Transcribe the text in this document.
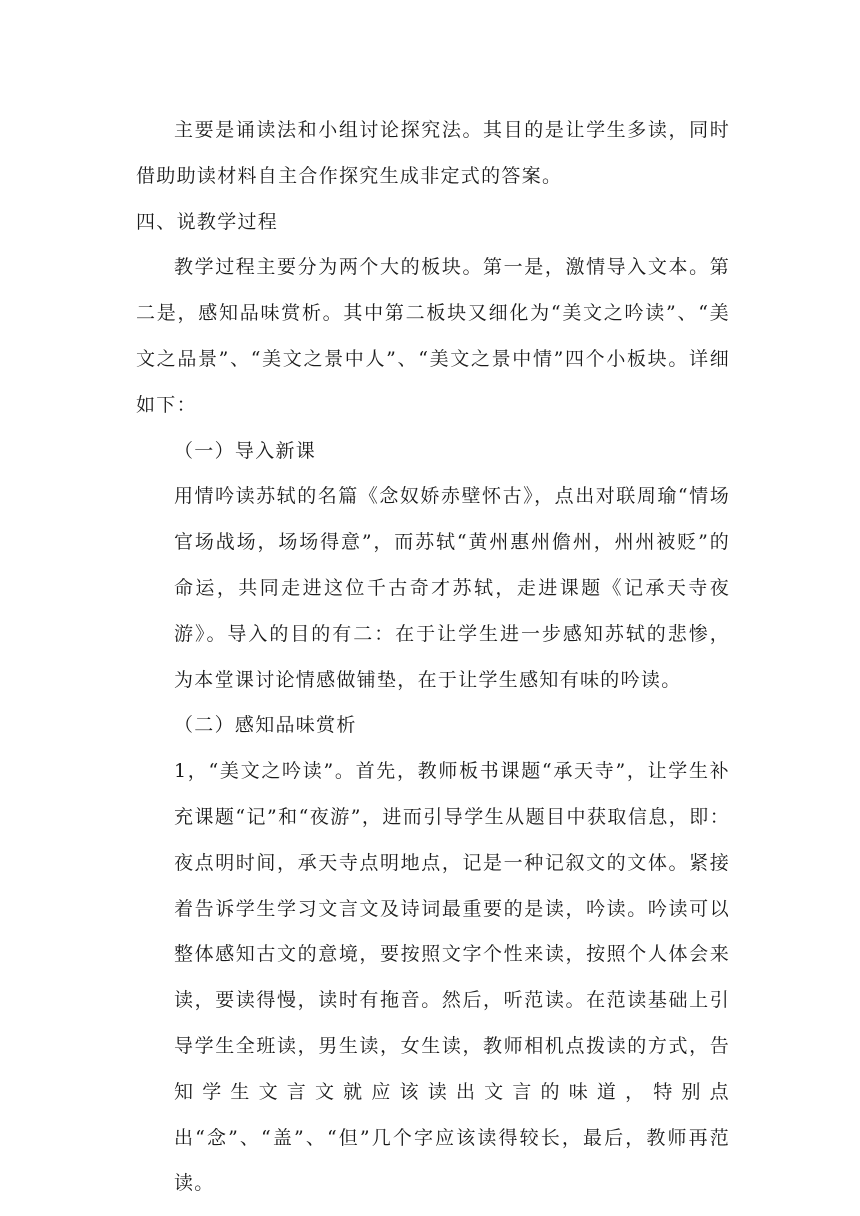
主要是诵读法和小组讨论探究法。其目的是让学生多读，同时借助助读材料自主合作探究生成非定式的答案。

四、说教学过程

教学过程主要分为两个大的板块。第一是，激情导入文本。第二是，感知品味赏析。其中第二板块又细化为“美文之吟读”、“美文之品景”、“美文之景中人”、“美文之景中情”四个小板块。详细如下：

（一）导入新课

用情吟读苏轼的名篇《念奴娇赤壁怀古》，点出对联周瑜“情场官场战场，场场得意”，而苏轼“黄州惠州儋州，州州被贬”的命运，共同走进这位千古奇才苏轼，走进课题《记承天寺夜游》。导入的目的有二：在于让学生进一步感知苏轼的悲惨，为本堂课讨论情感做铺垫，在于让学生感知有味的吟读。

（二）感知品味赏析

1，“美文之吟读”。首先，教师板书课题“承天寺”，让学生补充课题“记”和“夜游”，进而引导学生从题目中获取信息，即：夜点明时间，承天寺点明地点，记是一种记叙文的文体。紧接着告诉学生学习文言文及诗词最重要的是读，吟读。吟读可以整体感知古文的意境，要按照文字个性来读，按照个人体会来读，要读得慢，读时有拖音。然后，听范读。在范读基础上引导学生全班读，男生读，女生读，教师相机点拨读的方式，告知学生文言文就应该读出文言的味道，特别点出“念”、“盖”、“但”几个字应该读得较长，最后，教师再范读。
